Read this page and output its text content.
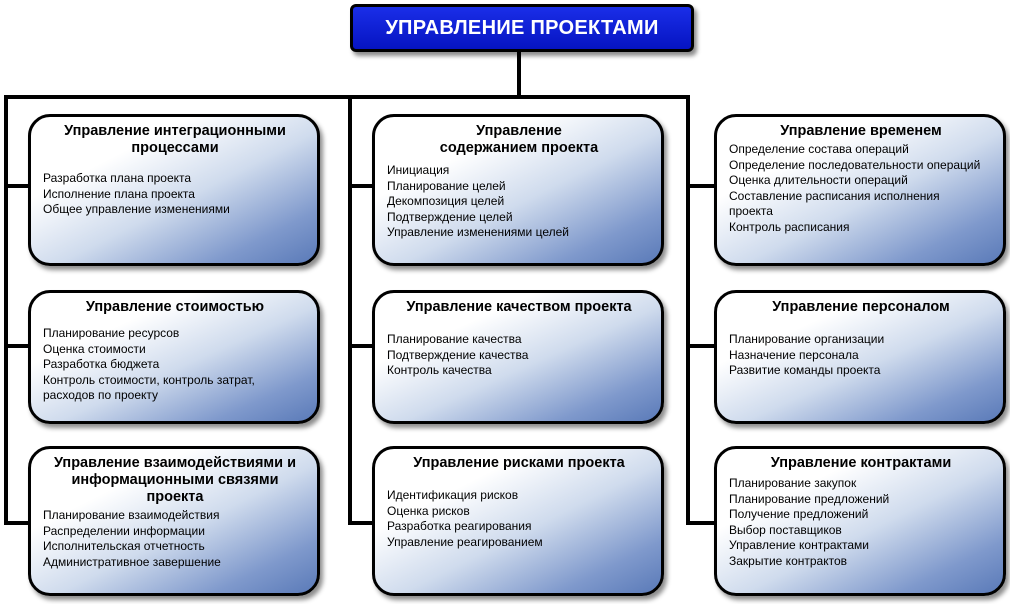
УПРАВЛЕНИЕ ПРОЕКТАМИ
Управление интеграционными процессами
Разработка плана проекта
Исполнение плана проекта
Общее управление изменениями
Управление стоимостью
Планирование ресурсов
Оценка стоимости
Разработка бюджета
Контроль стоимости, контроль затрат, расходов по проекту
Управление взаимодействиями и информационными связями проекта
Планирование взаимодействия
Распределении информации
Исполнительская отчетность
Административное завершение
Управление содержанием проекта
Инициация
Планирование целей
Декомпозиция целей
Подтверждение целей
Управление изменениями целей
Управление качеством проекта
Планирование качества
Подтверждение качества
Контроль качества
Управление рисками проекта
Идентификация рисков
Оценка рисков
Разработка реагирования
Управление реагированием
Управление временем
Определение состава операций
Определение последовательности операций
Оценка длительности операций
Составление расписания исполнения проекта
Контроль расписания
Управление персоналом
Планирование организации
Назначение персонала
Развитие команды проекта
Управление контрактами
Планирование закупок
Планирование предложений
Получение предложений
Выбор поставщиков
Управление контрактами
Закрытие контрактов
